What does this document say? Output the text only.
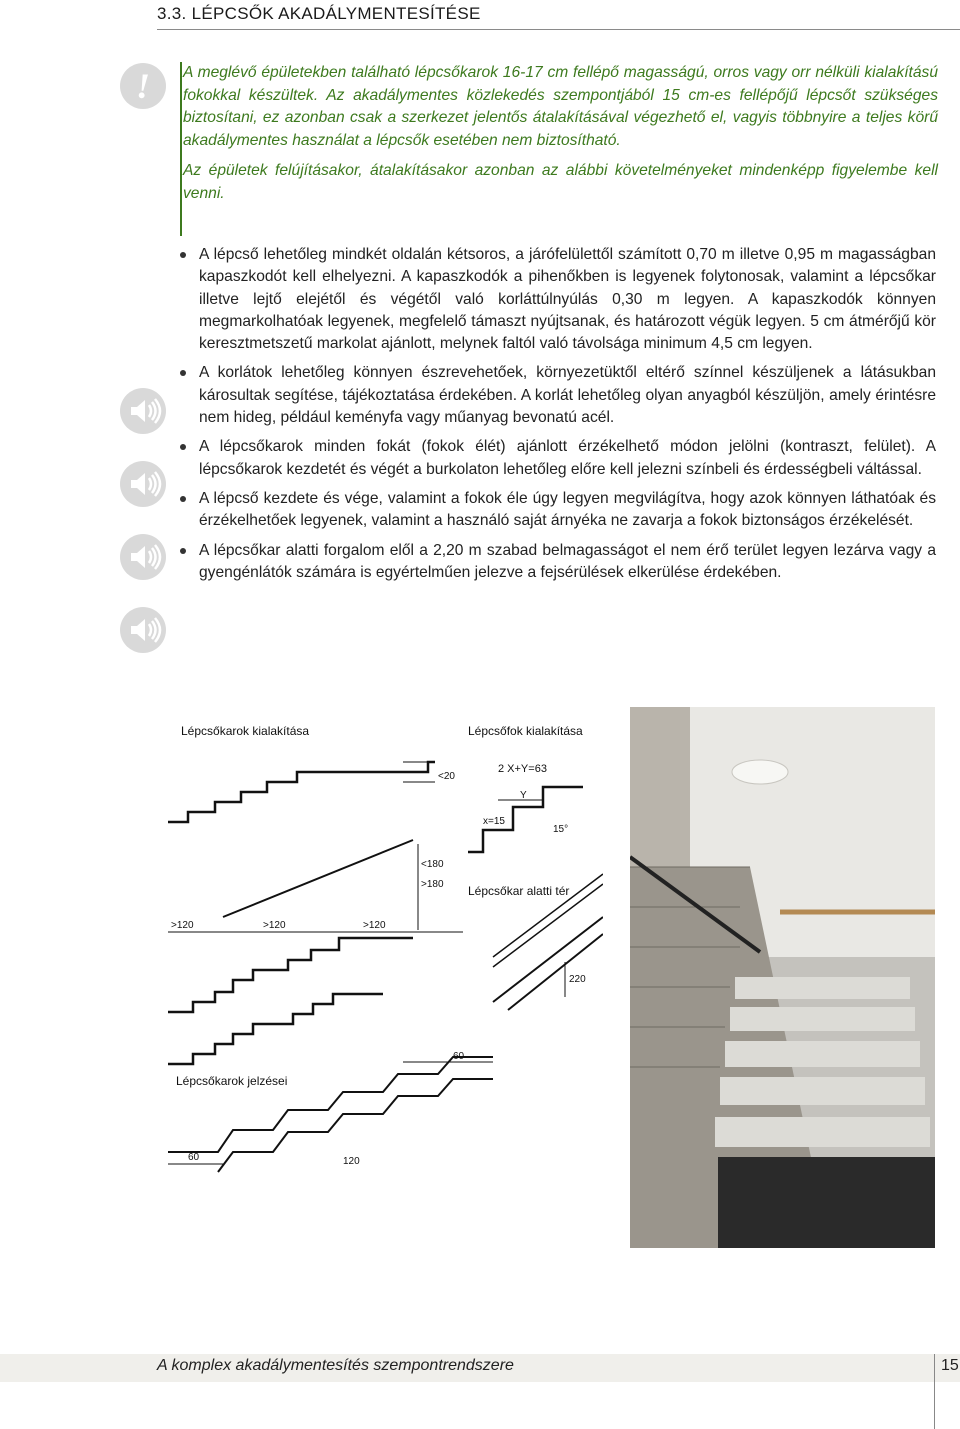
3.3. LÉPCSŐK AKADÁLYMENTESÍTÉSE
!	A meglévő épületekben található lépcsőkarok 16-17 cm fellépő magasságú, orros vagy orr nélküli kialakítású fokokkal készültek. Az akadálymentes közlekedés szempontjából 15 cm-es fellépőjű lépcsőt szükséges biztosítani, ez azonban csak a szerkezet jelentős átalakításával végezhető el, vagyis többnyire a teljes körű akadálymentes használat a lépcsők esetében nem biztosítható.

Az épületek felújításakor, átalakításakor azonban az alábbi követelményeket mindenképp figyelembe kell venni.

A lépcső lehetőleg mindkét oldalán kétsoros, a járófelülettől számított 0,70 m illetve 0,95 m magasságban kapaszkodót kell elhelyezni. A kapaszkodók a pihenőkben is legyenek folytonosak, valamint a lépcsőkar illetve lejtő elejétől és végétől való korláttúlnyúlás 0,30 m legyen. A kapaszkodók könnyen megmarkolhatóak legyenek, megfelelő támaszt nyújtsanak, és határozott végük legyen. 5 cm átmérőjű kör keresztmetszetű markolat ajánlott, melynek faltól való távolsága minimum 4,5 cm legyen.
A korlátok lehetőleg könnyen észrevehetőek, környezetüktől eltérő színnel készüljenek a látásukban károsultak segítése, tájékoztatása érdekében. A korlát lehetőleg olyan anyagból készüljön, amely érintésre nem hideg, például keményfa vagy műanyag bevonatú acél.
A lépcsőkarok minden fokát (fokok élét) ajánlott érzékelhető módon jelölni (kontraszt, felület). A lépcsőkarok kezdetét és végét a burkolaton lehetőleg előre kell jelezni színbeli és érdességbeli váltással.
A lépcső kezdete és vége, valamint a fokok éle úgy legyen megvilágítva, hogy azok könnyen láthatóak és érzékelhetőek legyenek, valamint a használó saját árnyéka ne zavarja a fokok biztonságos érzékelését.
A lépcsőkar alatti forgalom elől a 2,20 m szabad belmagasságot el nem érő terület legyen lezárva vagy a gyengénlátók számára is egyértelműen jelezve a fejsérülések elkerülése érdekében.
Lépcsőkarok kialakítása	Lépcsőfok kialakítása
<20
<180
>180
>120	>120	>120
2 X+Y=63
Y
x=15
15°
Lépcsőkar alatti tér
220
Lépcsőkarok jelzései
60
60	120
A komplex akadálymentesítés szempontrendszere	15
